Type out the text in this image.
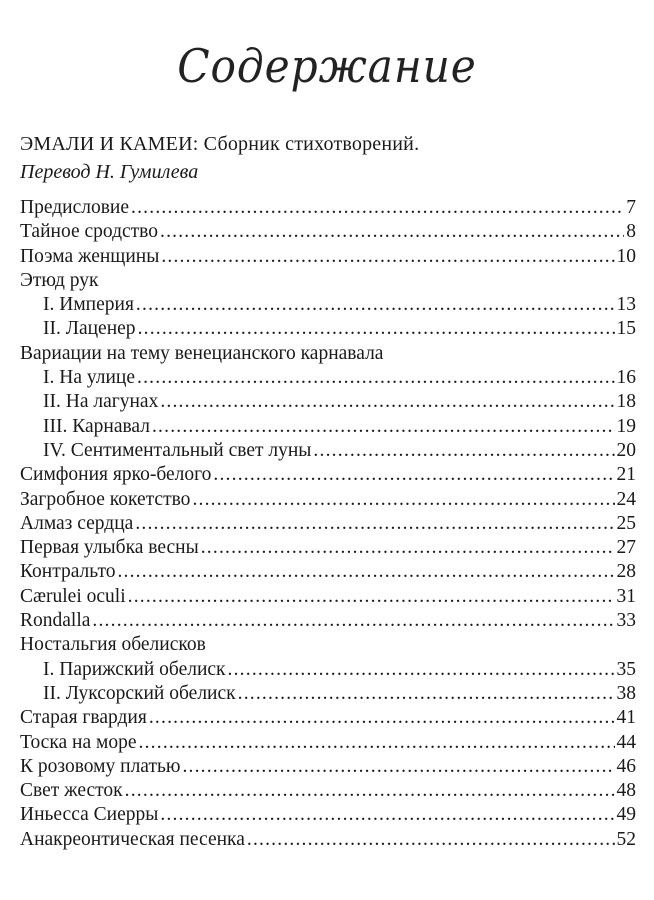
Содержание
ЭМАЛИ И КАМЕИ: Сборник стихотворений.
Перевод Н. Гумилева
Предисловие .....	7
Тайное сродство .....	8
Поэма женщины .....	10
Этюд рук
I. Империя .....	13
II. Лаценер .....	15
Вариации на тему венецианского карнавала
I. На улице .....	16
II. На лагунах .....	18
III. Карнавал .....	19
IV. Сентиментальный свет луны .....	20
Симфония ярко-белого .....	21
Загробное кокетство .....	24
Алмаз сердца .....	25
Первая улыбка весны .....	27
Контральто .....	28
Cærulei oculi .....	31
Rondalla .....	33
Ностальгия обелисков
I. Парижский обелиск .....	35
II. Луксорский обелиск .....	38
Старая гвардия .....	41
Тоска на море .....	44
К розовому платью .....	46
Свет жесток .....	48
Иньесса Сиерры .....	49
Анакреонтическая песенка .....	52
